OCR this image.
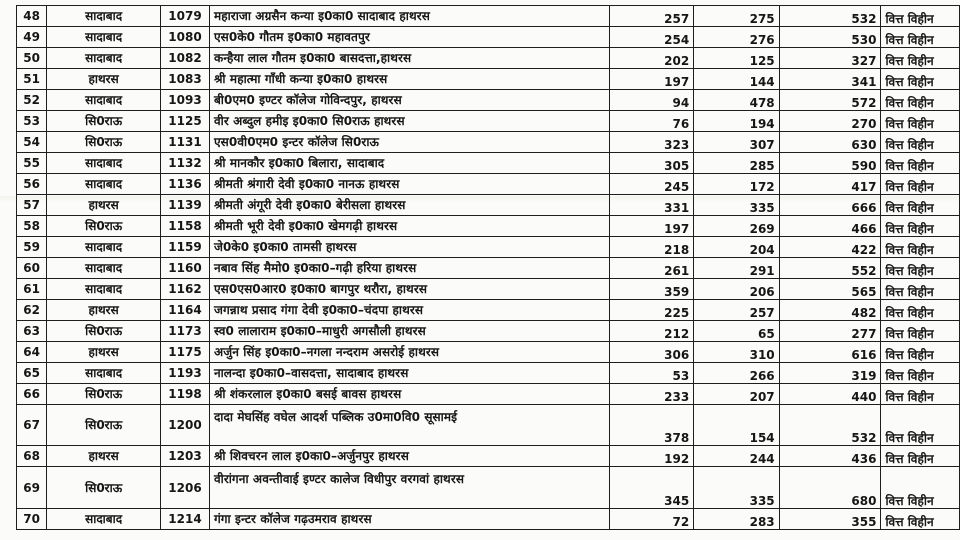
48	सादाबाद	1079	महाराजा अग्रसैन कन्या इ0का0 सादाबाद हाथरस	257	275	532	वित्त विहीन
49	सादाबाद	1080	एस0के0 गौतम इ0का0 महावतपुर	254	276	530	वित्त विहीन
50	सादाबाद	1082	कन्हैया लाल गौतम इ0का0 बासदत्ता,हाथरस	202	125	327	वित्त विहीन
51	हाथरस	1083	श्री महात्मा गाँधी कन्या इ0का0 हाथरस	197	144	341	वित्त विहीन
52	सादाबाद	1093	बी0एम0 इण्टर कॉलेज गोविन्दपुर, हाथरस	94	478	572	वित्त विहीन
53	सि0राऊ	1125	वीर अब्दुल हमीइ इ0का0 सि0राऊ हाथरस	76	194	270	वित्त विहीन
54	सि0राऊ	1131	एस0वी0एम0 इन्टर कॉलेज सि0राऊ	323	307	630	वित्त विहीन
55	सादाबाद	1132	श्री मानकौर इ0का0 बिलारा, सादाबाद	305	285	590	वित्त विहीन
56	सादाबाद	1136	श्रीमती श्रंगारी देवी इ0का0 नानऊ हाथरस	245	172	417	वित्त विहीन
57	हाथरस	1139	श्रीमती अंगूरी देवी इ0का0 बेरीसला हाथरस	331	335	666	वित्त विहीन
58	सि0राऊ	1158	श्रीमती भूरी देवी इ0का0 खेमगढ़ी हाथरस	197	269	466	वित्त विहीन
59	सादाबाद	1159	जे0के0 इ0का0 तामसी हाथरस	218	204	422	वित्त विहीन
60	सादाबाद	1160	नबाव सिंह मैमो0 इ0का0–गढ़ी हरिया हाथरस	261	291	552	वित्त विहीन
61	सादाबाद	1162	एस0एस0आर0 इ0का0 बागपुर थरौरा, हाथरस	359	206	565	वित्त विहीन
62	हाथरस	1164	जगन्नाथ प्रसाद गंगा देवी इ0का0–चंदपा हाथरस	225	257	482	वित्त विहीन
63	सि0राऊ	1173	स्व0 लालाराम इ0का0–माधुरी अगसौली हाथरस	212	65	277	वित्त विहीन
64	हाथरस	1175	अर्जुन सिंह इ0का0–नगला नन्दराम असरोई हाथरस	306	310	616	वित्त विहीन
65	सादाबाद	1193	नालन्दा इ0का0–वासदत्ता, सादाबाद हाथरस	53	266	319	वित्त विहीन
66	सि0राऊ	1198	श्री शंकरलाल इ0का0 बसई बावस हाथरस	233	207	440	वित्त विहीन
67	सि0राऊ	1200	दादा मेघसिंह वघेल आदर्श पब्लिक उ0मा0वि0 सूसामई	378	154	532	वित्त विहीन
68	हाथरस	1203	श्री शिवचरन लाल इ0का0–अर्जुनपुर हाथरस	192	244	436	वित्त विहीन
69	सि0राऊ	1206	वीरांगना अवन्तीवाई इण्टर कालेज विधीपुर वरगवां हाथरस	345	335	680	वित्त विहीन
70	सादाबाद	1214	गंगा इन्टर कॉलेज गढ़उमराव हाथरस	72	283	355	वित्त विहीन
